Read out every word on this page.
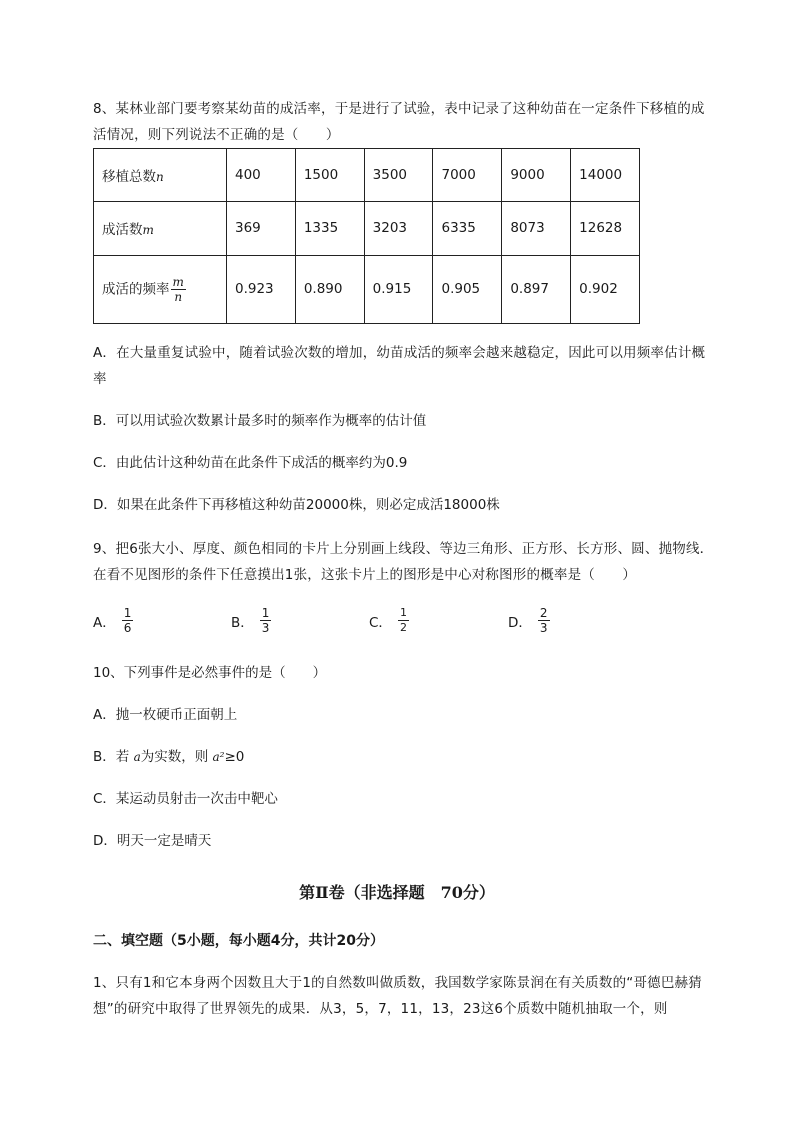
8、某林业部门要考察某幼苗的成活率，于是进行了试验，表中记录了这种幼苗在一定条件下移植的成活情况，则下列说法不正确的是（　　）
移植总数n	400	1500	3500	7000	9000	14000
成活数m	369	1335	3203	6335	8073	12628
成活的频率 $\frac{m}{n}$	0.923	0.890	0.915	0.905	0.897	0.902
A．在大量重复试验中，随着试验次数的增加，幼苗成活的频率会越来越稳定，因此可以用频率估计概率
B．可以用试验次数累计最多时的频率作为概率的估计值
C．由此估计这种幼苗在此条件下成活的概率约为0.9
D．如果在此条件下再移植这种幼苗20000株，则必定成活18000株
9、把6张大小、厚度、颜色相同的卡片上分别画上线段、等边三角形、正方形、长方形、圆、抛物线．在看不见图形的条件下任意摸出1张，这张卡片上的图形是中心对称图形的概率是（　　）
A． $\frac{1}{6}$	B． $\frac{1}{3}$	C． $\frac{1}{2}$	D． $\frac{2}{3}$
10、下列事件是必然事件的是（　　）
A．抛一枚硬币正面朝上
B．若 a为实数，则 a²≥0
C．某运动员射击一次击中靶心
D．明天一定是晴天
第Ⅱ卷（非选择题　70分）
二、填空题（5小题，每小题4分，共计20分）
1、只有1和它本身两个因数且大于1的自然数叫做质数，我国数学家陈景润在有关质数的“哥德巴赫猜想”的研究中取得了世界领先的成果．从3，5，7，11，13，23这6个质数中随机抽取一个，则
